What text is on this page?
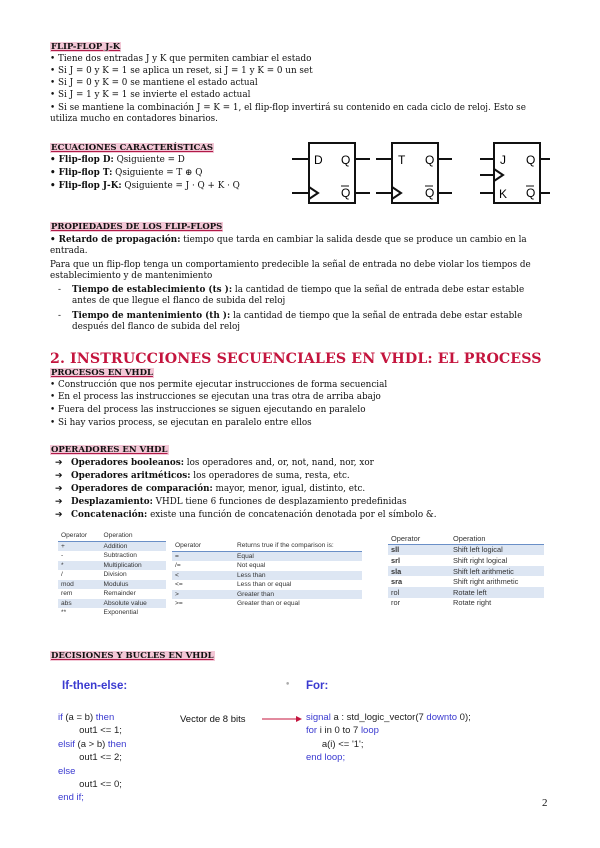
FLIP-FLOP J-K
• Tiene dos entradas J y K que permiten cambiar el estado
• Si J = 0 y K = 1 se aplica un reset, si J = 1 y K = 0 un set
• Si J = 0 y K = 0 se mantiene el estado actual
• Si J = 1 y K = 1 se invierte el estado actual
• Si se mantiene la combinación J = K = 1, el flip-flop invertirá su contenido en cada ciclo de reloj. Esto se utiliza mucho en contadores binarios.
ECUACIONES CARACTERÍSTICAS
• Flip-flop D: Qsiguiente = D
• Flip-flop T: Qsiguiente = T ⊕ Q
• Flip-flop J-K: Qsiguiente = J · Q + K · Q
D Q
Q
T Q
Q
J
K
Q
Q
PROPIEDADES DE LOS FLIP-FLOPS
• Retardo de propagación: tiempo que tarda en cambiar la salida desde que se produce un cambio en la entrada.
Para que un flip-flop tenga un comportamiento predecible la señal de entrada no debe violar los tiempos de establecimiento y de mantenimiento
- Tiempo de establecimiento (ts ): la cantidad de tiempo que la señal de entrada debe estar estable antes de que llegue el flanco de subida del reloj
- Tiempo de mantenimiento (th ): la cantidad de tiempo que la señal de entrada debe estar estable después del flanco de subida del reloj
2. INSTRUCCIONES SECUENCIALES EN VHDL: EL PROCESS
PROCESOS EN VHDL
• Construcción que nos permite ejecutar instrucciones de forma secuencial
• En el process las instrucciones se ejecutan una tras otra de arriba abajo
• Fuera del process las instrucciones se siguen ejecutando en paralelo
• Si hay varios process, se ejecutan en paralelo entre ellos
OPERADORES EN VHDL
➔ Operadores booleanos: los operadores and, or, not, nand, nor, xor
➔ Operadores aritméticos: los operadores de suma, resta, etc.
➔ Operadores de comparación: mayor, menor, igual, distinto, etc.
➔ Desplazamiento: VHDL tiene 6 funciones de desplazamiento predefinidas
➔ Concatenación: existe una función de concatenación denotada por el símbolo &.
Operator	Operation
+	Addition
-	Subtraction
*	Multiplication
/	Division
mod	Modulus
rem	Remainder
abs	Absolute value
**	Exponential
Operator	Returns true if the comparison is:
=	Equal
/=	Not equal
<	Less than
<=	Less than or equal
>	Greater than
>=	Greater than or equal
Operator	Operation
sll	Shift left logical
srl	Shift right logical
sla	Shift left arithmetic
sra	Shift right arithmetic
rol	Rotate left
ror	Rotate right
DECISIONES Y BUCLES EN VHDL
If-then-else:	• For:
if (a = b) then
out1 <= 1;
elsif (a > b) then
out1 <= 2;
else
out1 <= 0;
end if;
Vector de 8 bits	signal a : std_logic_vector(7 downto 0);
for i in 0 to 7 loop
a(i) <= '1';
end loop;
2
